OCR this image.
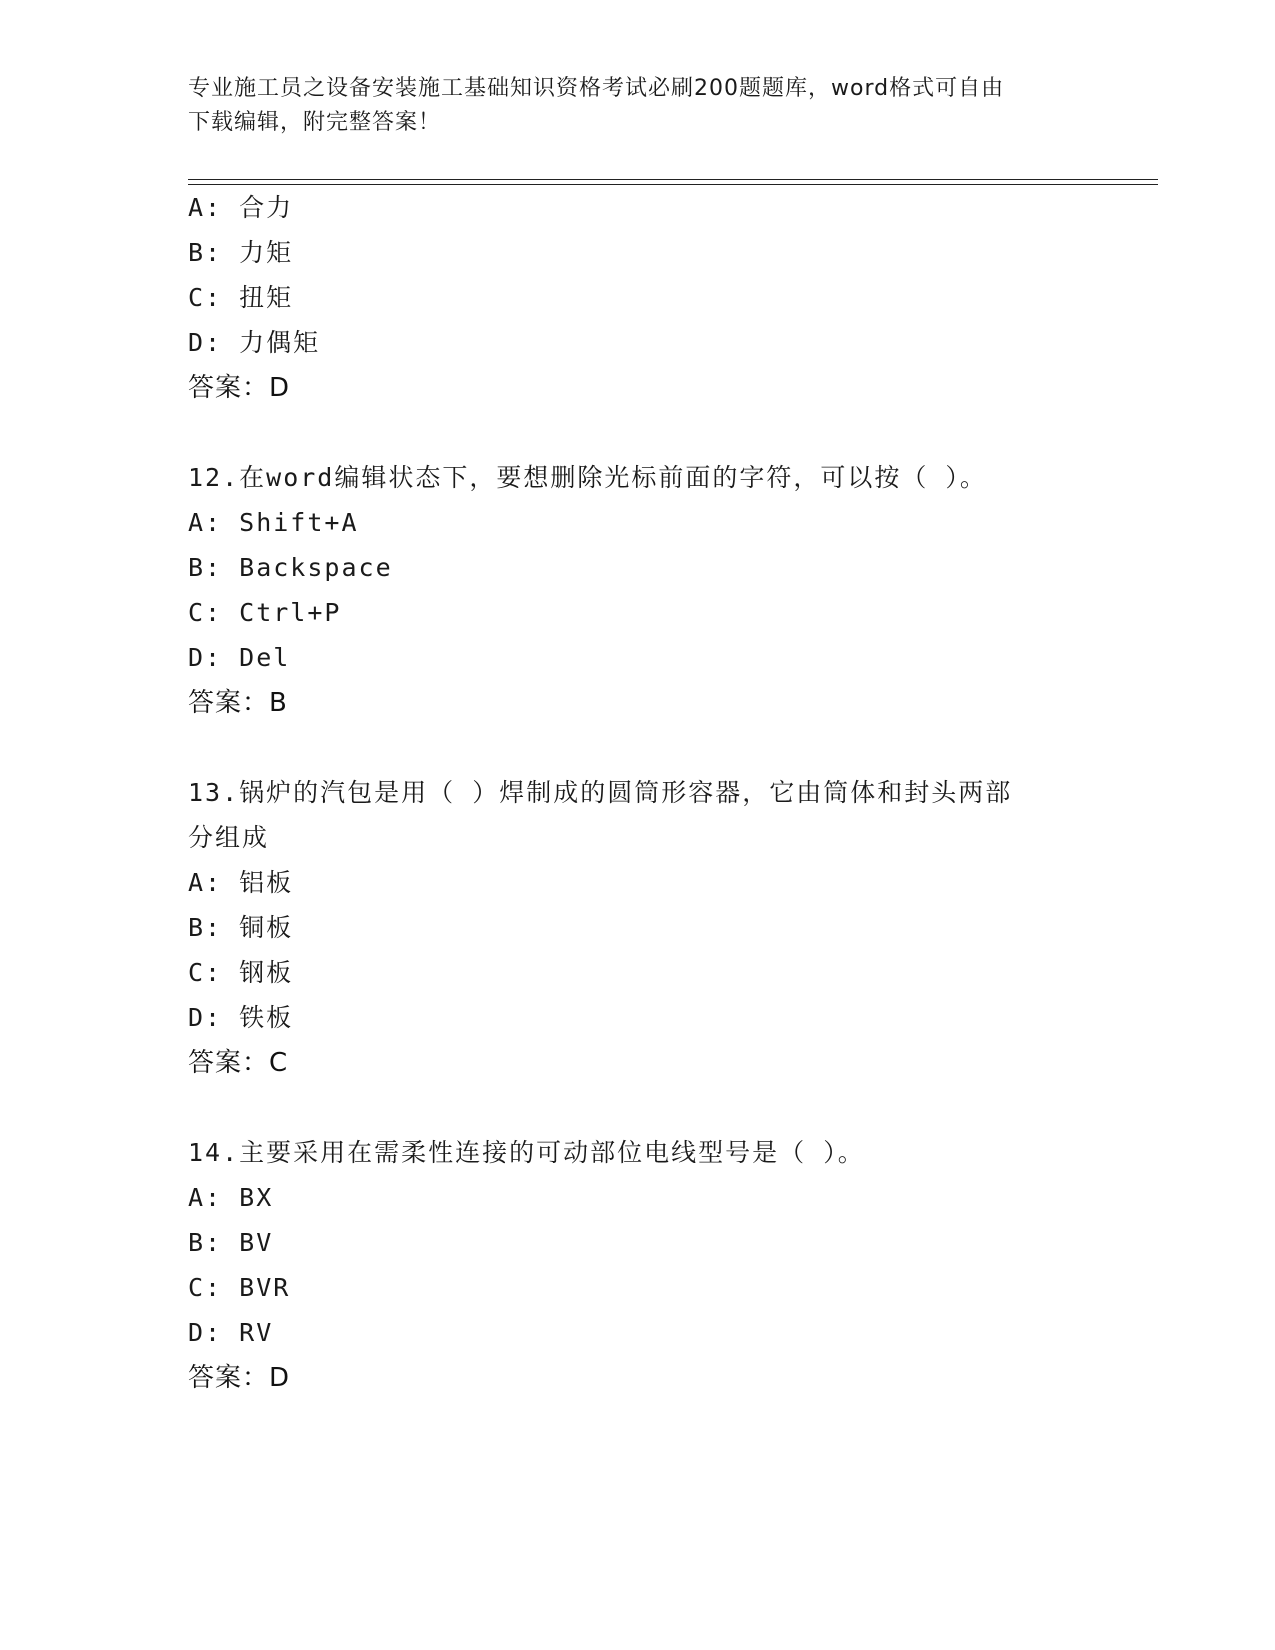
专业施工员之设备安装施工基础知识资格考试必刷200题题库，word格式可自由
下载编辑，附完整答案！
A: 合力
B: 力矩
C: 扭矩
D: 力偶矩
答案：D
12.在word编辑状态下，要想删除光标前面的字符，可以按（ ）。
A: Shift+A
B: Backspace
C: Ctrl+P
D: Del
答案：B
13.锅炉的汽包是用（ ）焊制成的圆筒形容器，它由筒体和封头两部
分组成
A: 铝板
B: 铜板
C: 钢板
D: 铁板
答案：C
14.主要采用在需柔性连接的可动部位电线型号是（ ）。
A: BX
B: BV
C: BVR
D: RV
答案：D
